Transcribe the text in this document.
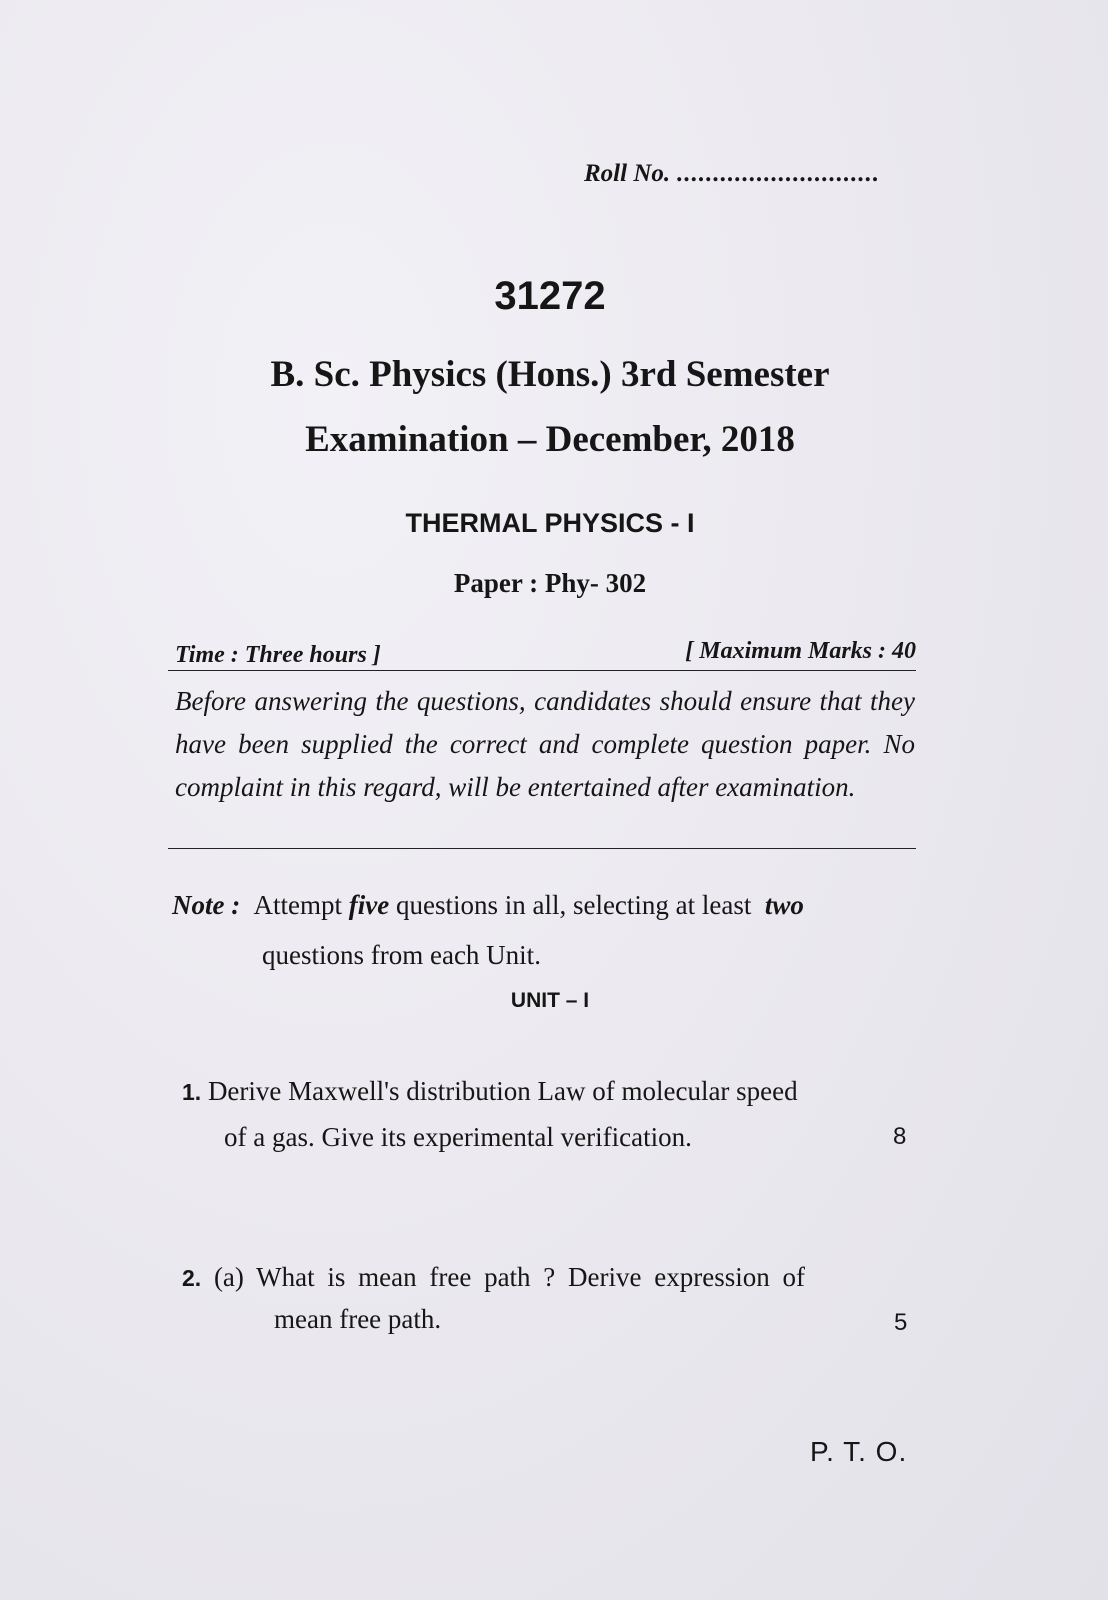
Roll No. ............................
31272
B. Sc. Physics (Hons.) 3rd Semester
Examination – December, 2018
THERMAL PHYSICS - I
Paper : Phy- 302
Time : Three hours ]	[ Maximum Marks : 40
Before answering the questions, candidates should ensure that they have been supplied the correct and complete question paper. No complaint in this regard, will be entertained after examination.
Note : Attempt five questions in all, selecting at least two
questions from each Unit.
UNIT – I
1. Derive Maxwell's distribution Law of molecular speed
of a gas. Give its experimental verification.	8
2. (a) What is mean free path ? Derive expression of
mean free path.	5
P. T. O.
